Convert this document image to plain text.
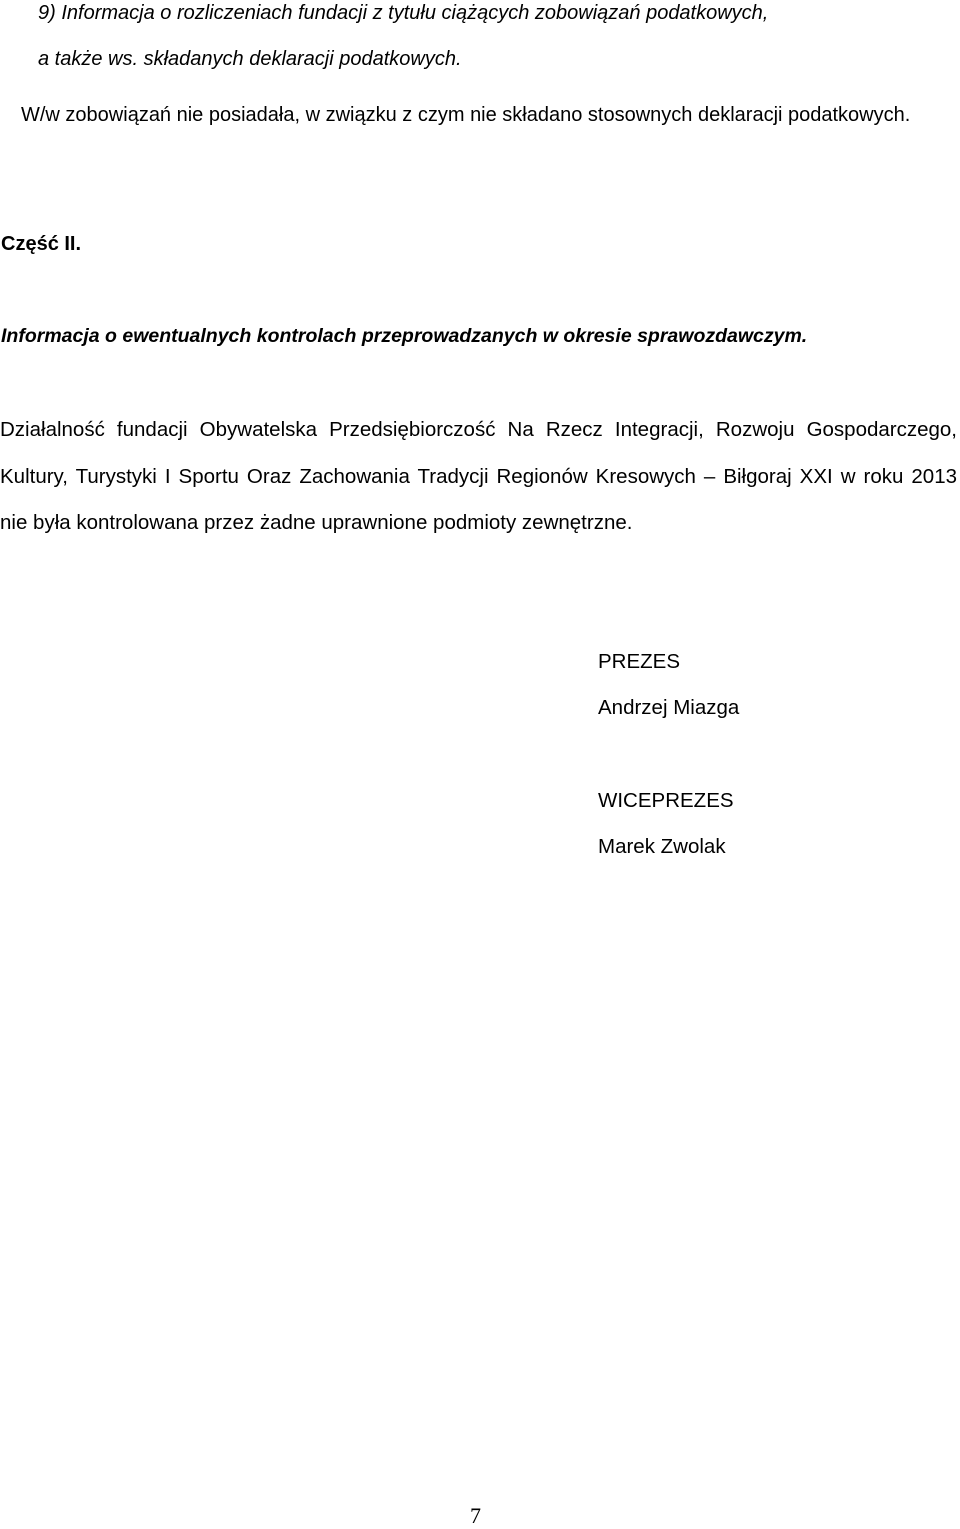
9) Informacja o rozliczeniach fundacji z tytułu ciążących zobowiązań podatkowych,
a także ws. składanych deklaracji podatkowych.
W/w zobowiązań nie posiadała, w związku z czym nie składano stosownych deklaracji podatkowych.
Część II.
Informacja o ewentualnych kontrolach przeprowadzanych w okresie sprawozdawczym.
Działalność fundacji Obywatelska Przedsiębiorczość Na Rzecz Integracji, Rozwoju Gospodarczego, Kultury, Turystyki I Sportu Oraz Zachowania Tradycji Regionów Kresowych – Biłgoraj XXI w roku 2013 nie była kontrolowana przez żadne uprawnione podmioty zewnętrzne.
PREZES
Andrzej Miazga
WICEPREZES
Marek Zwolak
7
